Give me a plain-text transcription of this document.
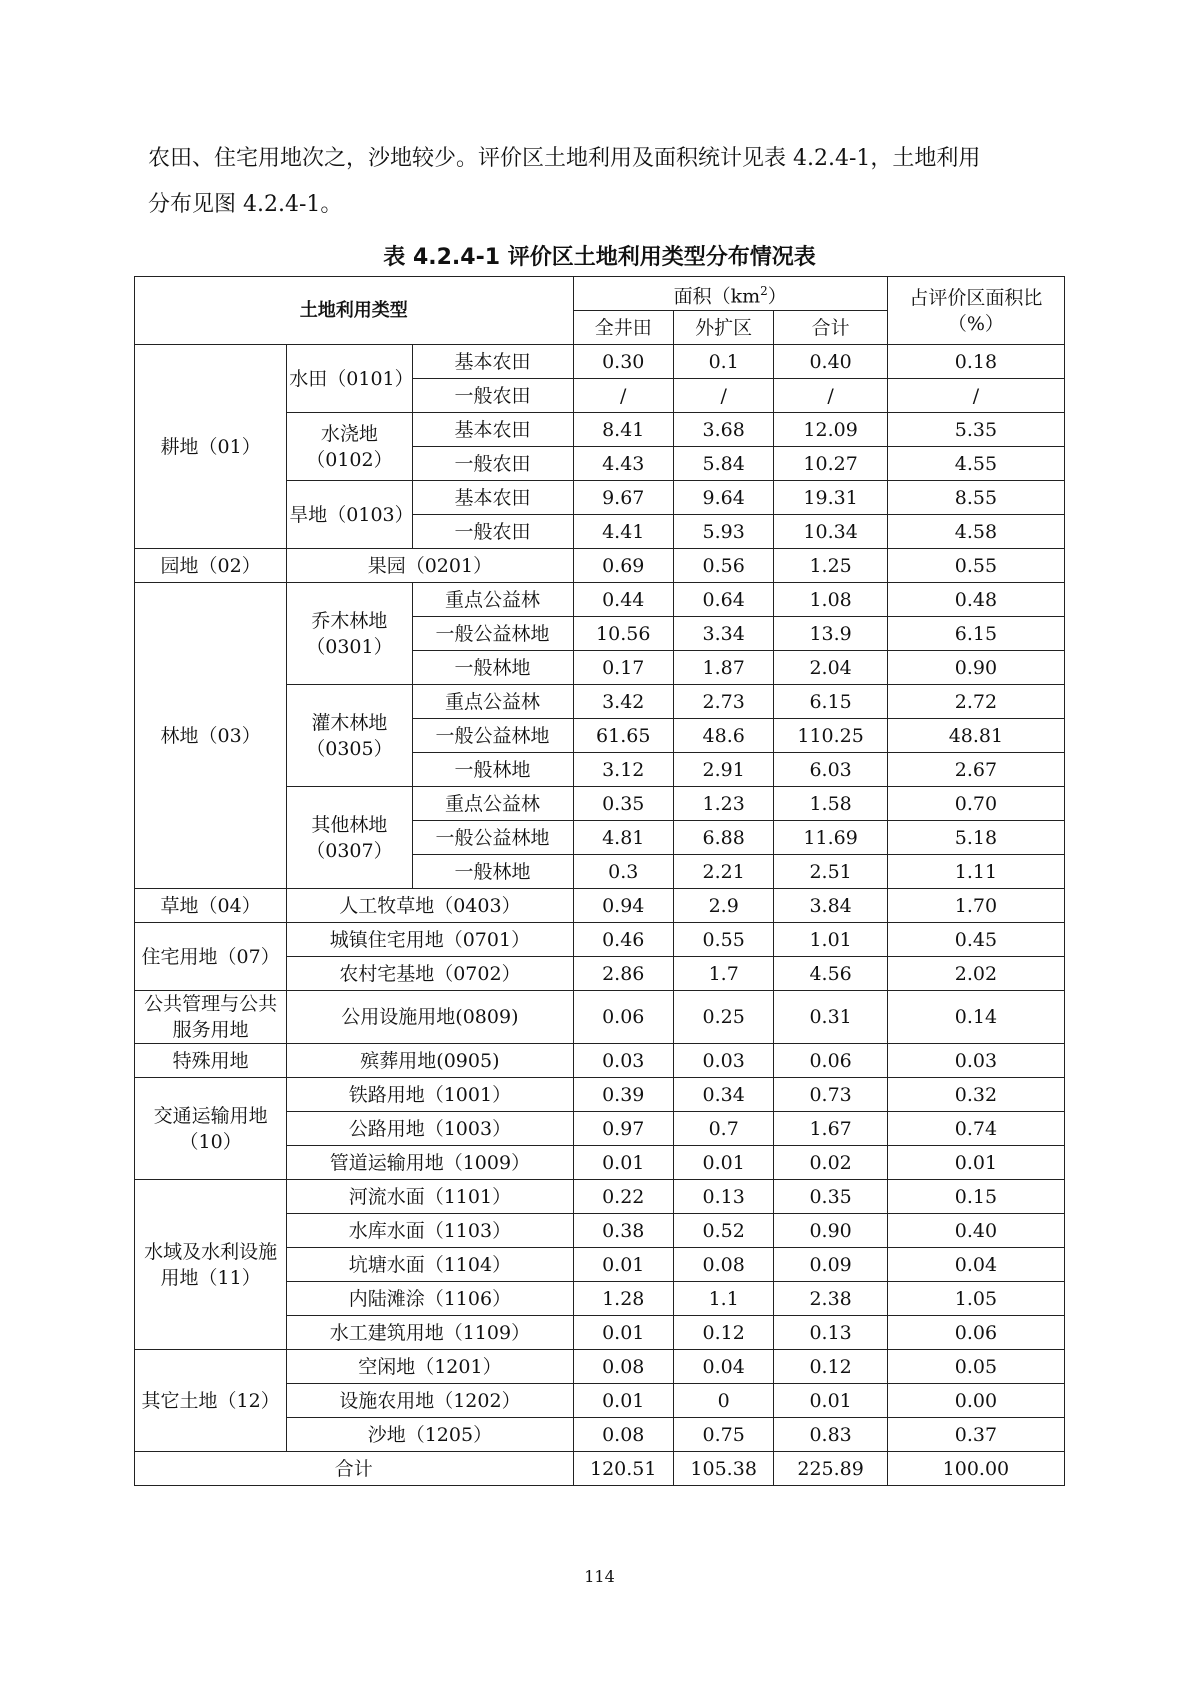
农田、住宅用地次之，沙地较少。评价区土地利用及面积统计见表 4.2.4-1，土地利用
分布见图 4.2.4-1。
表 4.2.4-1 评价区土地利用类型分布情况表
土地利用类型			面积$(km^2)$			占评价区面积比（%）
			全井田	外扩区	合计	
耕地（01）	水田（0101）	基本农田	0.30	0.1	0.40	0.18
		一般农田	/	/	/	/
	水浇地（0102）	基本农田	8.41	3.68	12.09	5.35
		一般农田	4.43	5.84	10.27	4.55
	旱地（0103）	基本农田	9.67	9.64	19.31	8.55
		一般农田	4.41	5.93	10.34	4.58
园地（02）	果园（0201）		0.69	0.56	1.25	0.55
林地（03）	乔木林地（0301）	重点公益林	0.44	0.64	1.08	0.48
		一般公益林地	10.56	3.34	13.9	6.15
		一般林地	0.17	1.87	2.04	0.90
	灌木林地（0305）	重点公益林	3.42	2.73	6.15	2.72
		一般公益林地	61.65	48.6	110.25	48.81
		一般林地	3.12	2.91	6.03	2.67
	其他林地（0307）	重点公益林	0.35	1.23	1.58	0.70
		一般公益林地	4.81	6.88	11.69	5.18
		一般林地	0.3	2.21	2.51	1.11
草地（04）	人工牧草地（0403）		0.94	2.9	3.84	1.70
住宅用地（07）	城镇住宅用地（0701）		0.46	0.55	1.01	0.45
	农村宅基地（0702）		2.86	1.7	4.56	2.02
公共管理与公共服务用地	公用设施用地(0809)		0.06	0.25	0.31	0.14
特殊用地	殡葬用地(0905)		0.03	0.03	0.06	0.03
交通运输用地（10）	铁路用地（1001）		0.39	0.34	0.73	0.32
	公路用地（1003）		0.97	0.7	1.67	0.74
	管道运输用地（1009）		0.01	0.01	0.02	0.01
水域及水利设施用地（11）	河流水面（1101）		0.22	0.13	0.35	0.15
	水库水面（1103）		0.38	0.52	0.90	0.40
	坑塘水面（1104）		0.01	0.08	0.09	0.04
	内陆滩涂（1106）		1.28	1.1	2.38	1.05
	水工建筑用地（1109）		0.01	0.12	0.13	0.06
其它土地（12）	空闲地（1201）		0.08	0.04	0.12	0.05
	设施农用地（1202）		0.01	0	0.01	0.00
	沙地（1205）		0.08	0.75	0.83	0.37
合计			120.51	105.38	225.89	100.00
114
